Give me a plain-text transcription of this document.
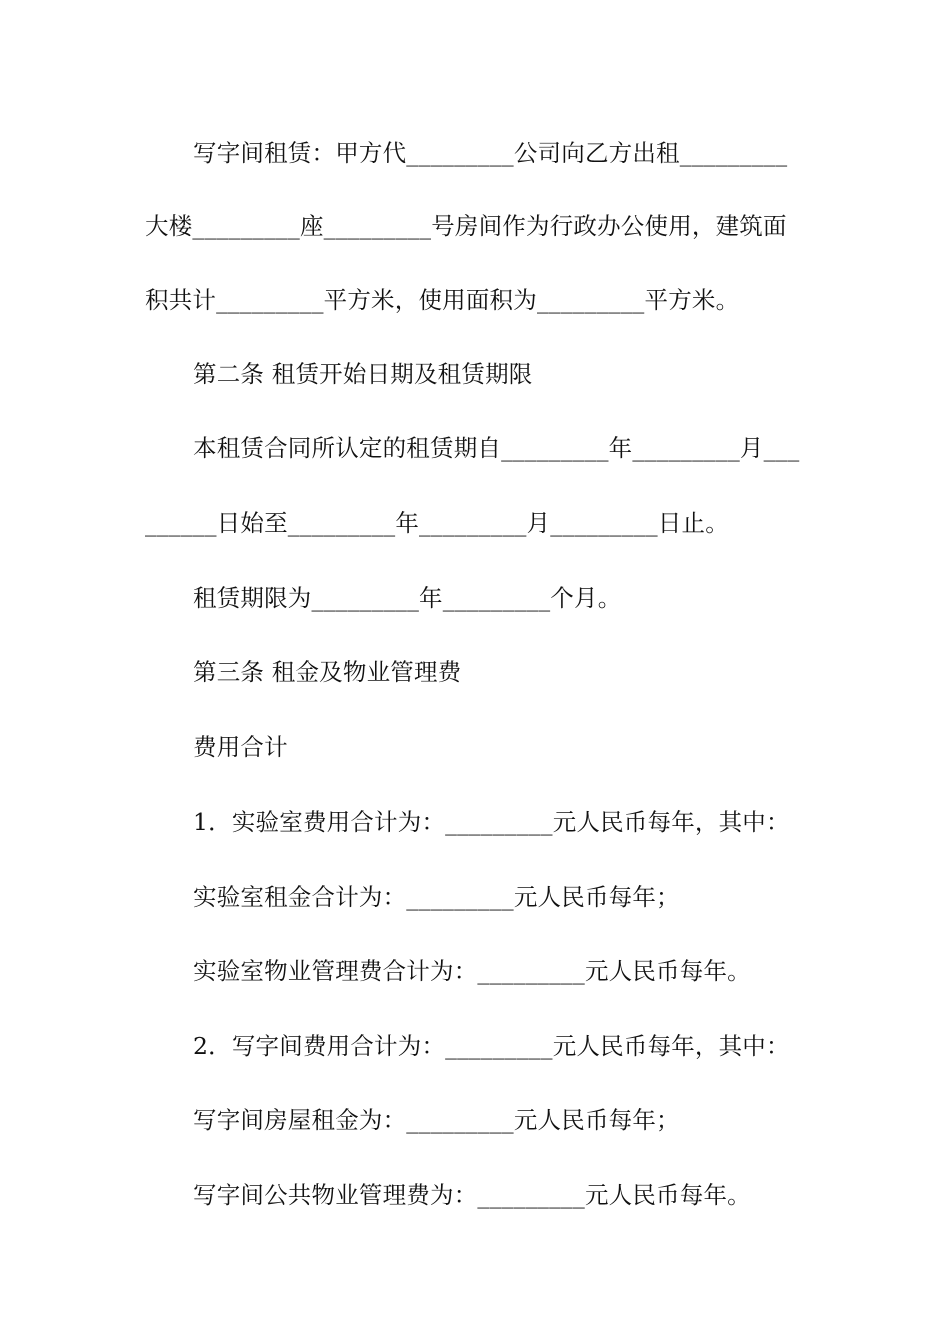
写字间租赁：甲方代_________公司向乙方出租_________
大楼_________座_________号房间作为行政办公使用，建筑面
积共计_________平方米，使用面积为_________平方米。
第二条 租赁开始日期及租赁期限
本租赁合同所认定的租赁期自_________年_________月___
______日始至_________年_________月_________日止。
租赁期限为_________年_________个月。
第三条 租金及物业管理费
费用合计
1．实验室费用合计为：_________元人民币每年，其中：
实验室租金合计为：_________元人民币每年；
实验室物业管理费合计为：_________元人民币每年。
2．写字间费用合计为：_________元人民币每年，其中：
写字间房屋租金为：_________元人民币每年；
写字间公共物业管理费为：_________元人民币每年。
